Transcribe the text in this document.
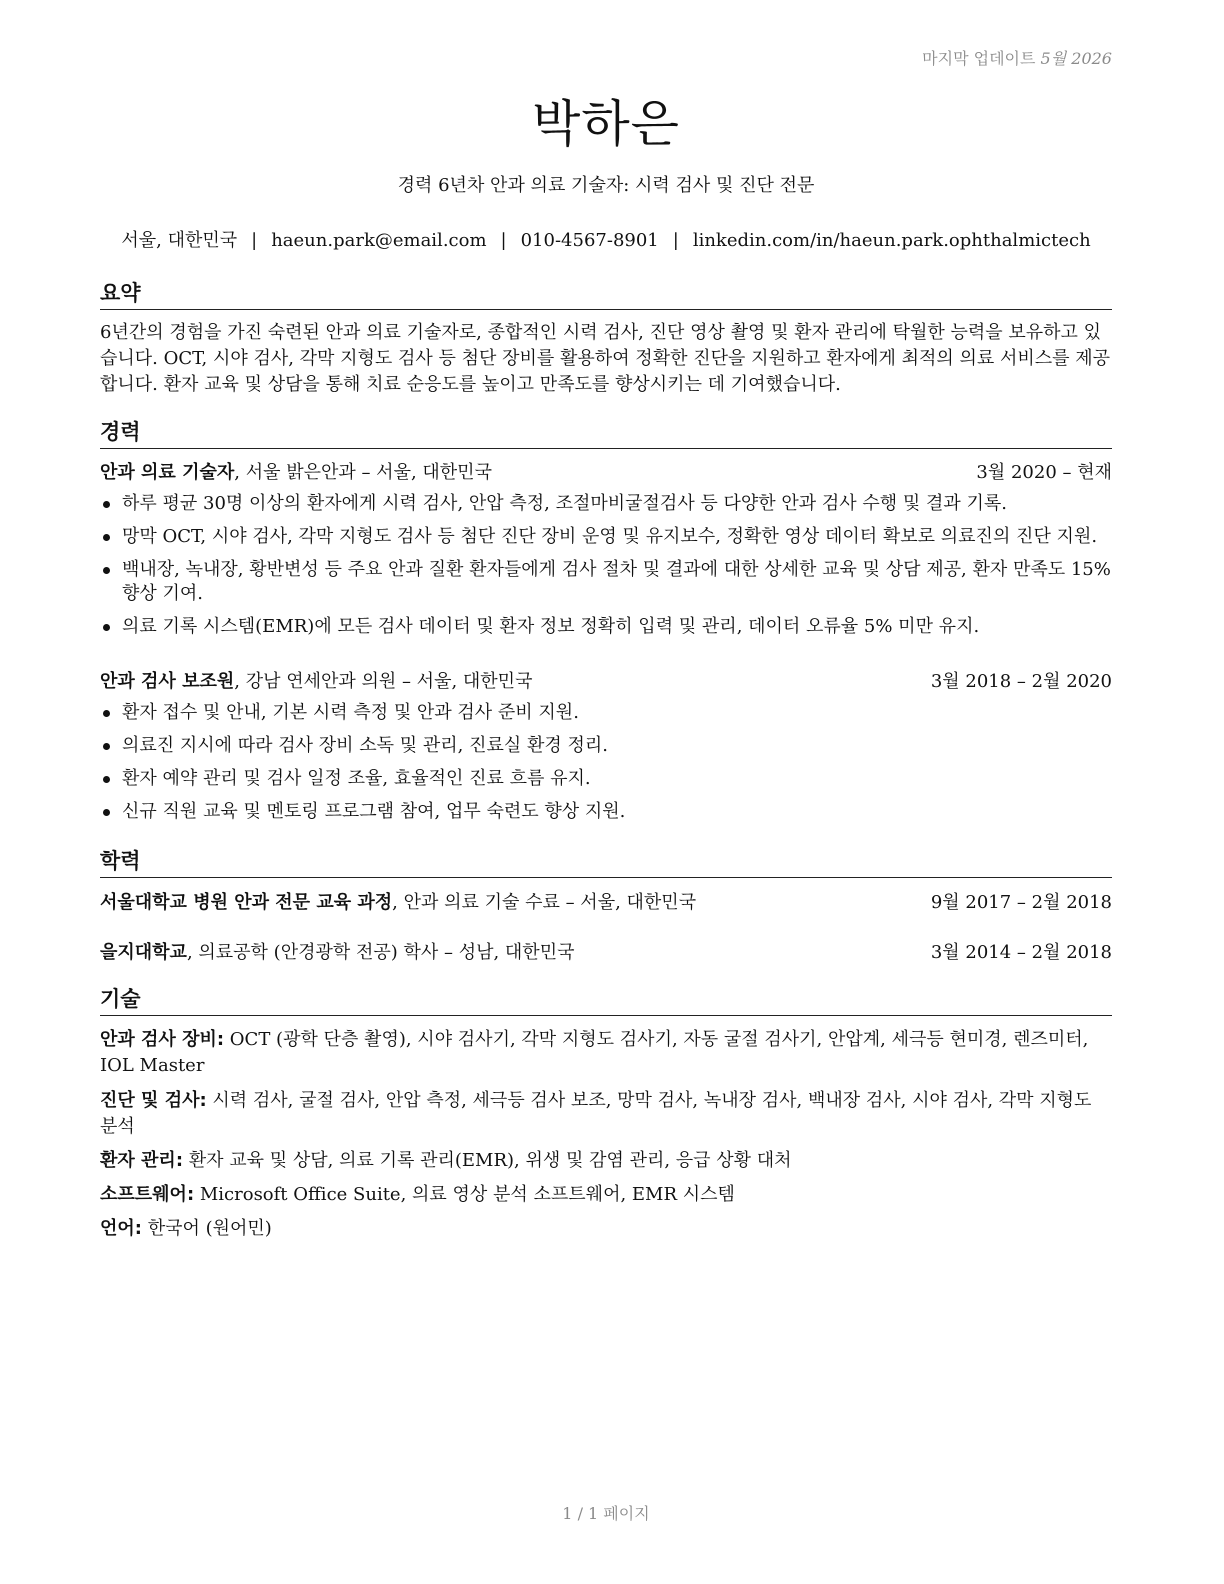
마지막 업데이트 5월 2026
박하은
경력 6년차 안과 의료 기술자: 시력 검사 및 진단 전문
서울, 대한민국 | haeun.park@email.com | 010-4567-8901 | linkedin.com/in/haeun.park.ophthalmictech
요약
6년간의 경험을 가진 숙련된 안과 의료 기술자로, 종합적인 시력 검사, 진단 영상 촬영 및 환자 관리에 탁월한 능력을 보유하고 있습니다. OCT, 시야 검사, 각막 지형도 검사 등 첨단 장비를 활용하여 정확한 진단을 지원하고 환자에게 최적의 의료 서비스를 제공합니다. 환자 교육 및 상담을 통해 치료 순응도를 높이고 만족도를 향상시키는 데 기여했습니다.
경력
안과 의료 기술자, 서울 밝은안과 – 서울, 대한민국	3월 2020 – 현재
하루 평균 30명 이상의 환자에게 시력 검사, 안압 측정, 조절마비굴절검사 등 다양한 안과 검사 수행 및 결과 기록.
망막 OCT, 시야 검사, 각막 지형도 검사 등 첨단 진단 장비 운영 및 유지보수, 정확한 영상 데이터 확보로 의료진의 진단 지원.
백내장, 녹내장, 황반변성 등 주요 안과 질환 환자들에게 검사 절차 및 결과에 대한 상세한 교육 및 상담 제공, 환자 만족도 15% 향상 기여.
의료 기록 시스템(EMR)에 모든 검사 데이터 및 환자 정보 정확히 입력 및 관리, 데이터 오류율 5% 미만 유지.
안과 검사 보조원, 강남 연세안과 의원 – 서울, 대한민국	3월 2018 – 2월 2020
환자 접수 및 안내, 기본 시력 측정 및 안과 검사 준비 지원.
의료진 지시에 따라 검사 장비 소독 및 관리, 진료실 환경 정리.
환자 예약 관리 및 검사 일정 조율, 효율적인 진료 흐름 유지.
신규 직원 교육 및 멘토링 프로그램 참여, 업무 숙련도 향상 지원.
학력
서울대학교 병원 안과 전문 교육 과정, 안과 의료 기술 수료 – 서울, 대한민국	9월 2017 – 2월 2018
을지대학교, 의료공학 (안경광학 전공) 학사 – 성남, 대한민국	3월 2014 – 2월 2018
기술
안과 검사 장비: OCT (광학 단층 촬영), 시야 검사기, 각막 지형도 검사기, 자동 굴절 검사기, 안압계, 세극등 현미경, 렌즈미터, IOL Master
진단 및 검사: 시력 검사, 굴절 검사, 안압 측정, 세극등 검사 보조, 망막 검사, 녹내장 검사, 백내장 검사, 시야 검사, 각막 지형도 분석
환자 관리: 환자 교육 및 상담, 의료 기록 관리(EMR), 위생 및 감염 관리, 응급 상황 대처
소프트웨어: Microsoft Office Suite, 의료 영상 분석 소프트웨어, EMR 시스템
언어: 한국어 (원어민)
1 / 1 페이지
